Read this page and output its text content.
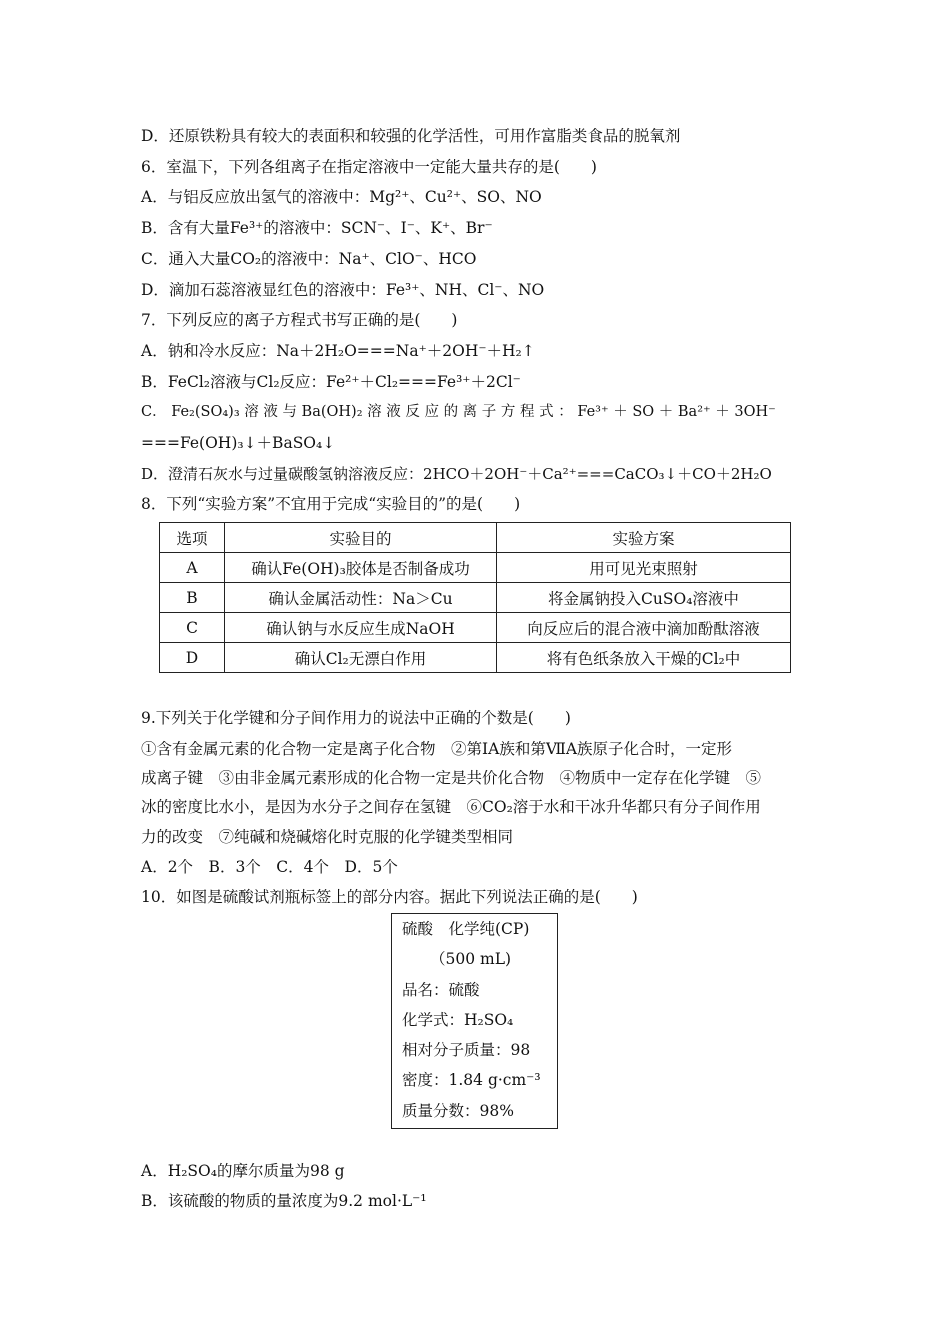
D．还原铁粉具有较大的表面积和较强的化学活性，可用作富脂类食品的脱氧剂
6．室温下，下列各组离子在指定溶液中一定能大量共存的是(　　)
A．与铝反应放出氢气的溶液中：Mg²⁺、Cu²⁺、SO、NO
B．含有大量Fe³⁺的溶液中：SCN⁻、I⁻、K⁺、Br⁻
C．通入大量CO₂的溶液中：Na⁺、ClO⁻、HCO
D．滴加石蕊溶液显红色的溶液中：Fe³⁺、NH、Cl⁻、NO
7．下列反应的离子方程式书写正确的是(　　)
A．钠和冷水反应：Na＋2H₂O===Na⁺＋2OH⁻＋H₂↑
B．FeCl₂溶液与Cl₂反应：Fe²⁺＋Cl₂===Fe³⁺＋2Cl⁻
C． Fe₂(SO₄)₃ 溶 液 与 Ba(OH)₂ 溶 液 反 应 的 离 子 方 程 式 ： Fe³⁺ ＋ SO ＋ Ba²⁺ ＋ 3OH⁻
===Fe(OH)₃↓＋BaSO₄↓
D．澄清石灰水与过量碳酸氢钠溶液反应：2HCO＋2OH⁻＋Ca²⁺===CaCO₃↓＋CO＋2H₂O
8．下列“实验方案”不宜用于完成“实验目的”的是(　　)
选项	实验目的	实验方案
A	确认Fe(OH)₃胶体是否制备成功	用可见光束照射
B	确认金属活动性：Na＞Cu	将金属钠投入CuSO₄溶液中
C	确认钠与水反应生成NaOH	向反应后的混合液中滴加酚酞溶液
D	确认Cl₂无漂白作用	将有色纸条放入干燥的Cl₂中
9.下列关于化学键和分子间作用力的说法中正确的个数是(　　)
①含有金属元素的化合物一定是离子化合物　②第ⅠA族和第ⅦA族原子化合时，一定形
成离子键　③由非金属元素形成的化合物一定是共价化合物　④物质中一定存在化学键　⑤
冰的密度比水小，是因为水分子之间存在氢键　⑥CO₂溶于水和干冰升华都只有分子间作用
力的改变　⑦纯碱和烧碱熔化时克服的化学键类型相同
A．2个　B．3个　C．4个　D．5个
10．如图是硫酸试剂瓶标签上的部分内容。据此下列说法正确的是(　　)
硫酸　化学纯(CP)
（500 mL)
品名：硫酸
化学式：H₂SO₄
相对分子质量：98
密度：1.84 g·cm⁻³
质量分数：98%
A．H₂SO₄的摩尔质量为98 g
B．该硫酸的物质的量浓度为9.2 mol·L⁻¹
